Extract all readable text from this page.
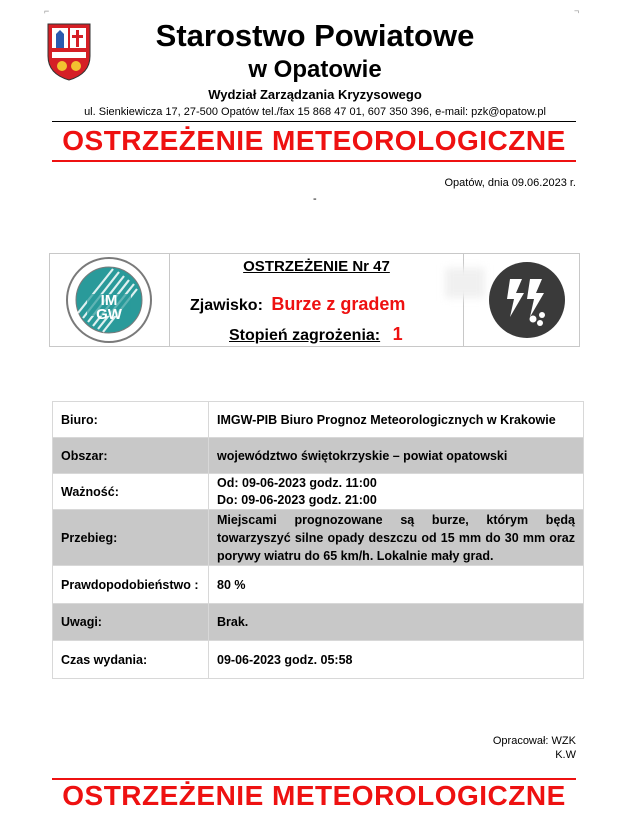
⌐	¬
Starostwo Powiatowe
w Opatowie
Wydział Zarządzania Kryzysowego
ul. Sienkiewicza 17, 27-500 Opatów tel./fax 15 868 47 01, 607 350 396, e-mail: pzk@opatow.pl
OSTRZEŻENIE METEOROLOGICZNE
Opatów, dnia 09.06.2023 r.
-
IM
GW
OSTRZEŻENIE Nr 47
Zjawisko: Burze z gradem
Stopień zagrożenia: 1
Biuro:	IMGW-PIB Biuro Prognoz Meteorologicznych w Krakowie
Obszar:	województwo świętokrzyskie – powiat opatowski
Ważność:	Od: 09-06-2023 godz. 11:00
Do: 09-06-2023 godz. 21:00

Przebieg:	Miejscami prognozowane są burze, którym będą towarzyszyć silne opady deszczu od 15 mm do 30 mm oraz porywy wiatru do 65 km/h. Lokalnie mały grad.
Prawdopodobieństwo :	80 %
Uwagi:	Brak.
Czas wydania:	09-06-2023 godz. 05:58
Opracował: WZK
K.W
OSTRZEŻENIE METEOROLOGICZNE
